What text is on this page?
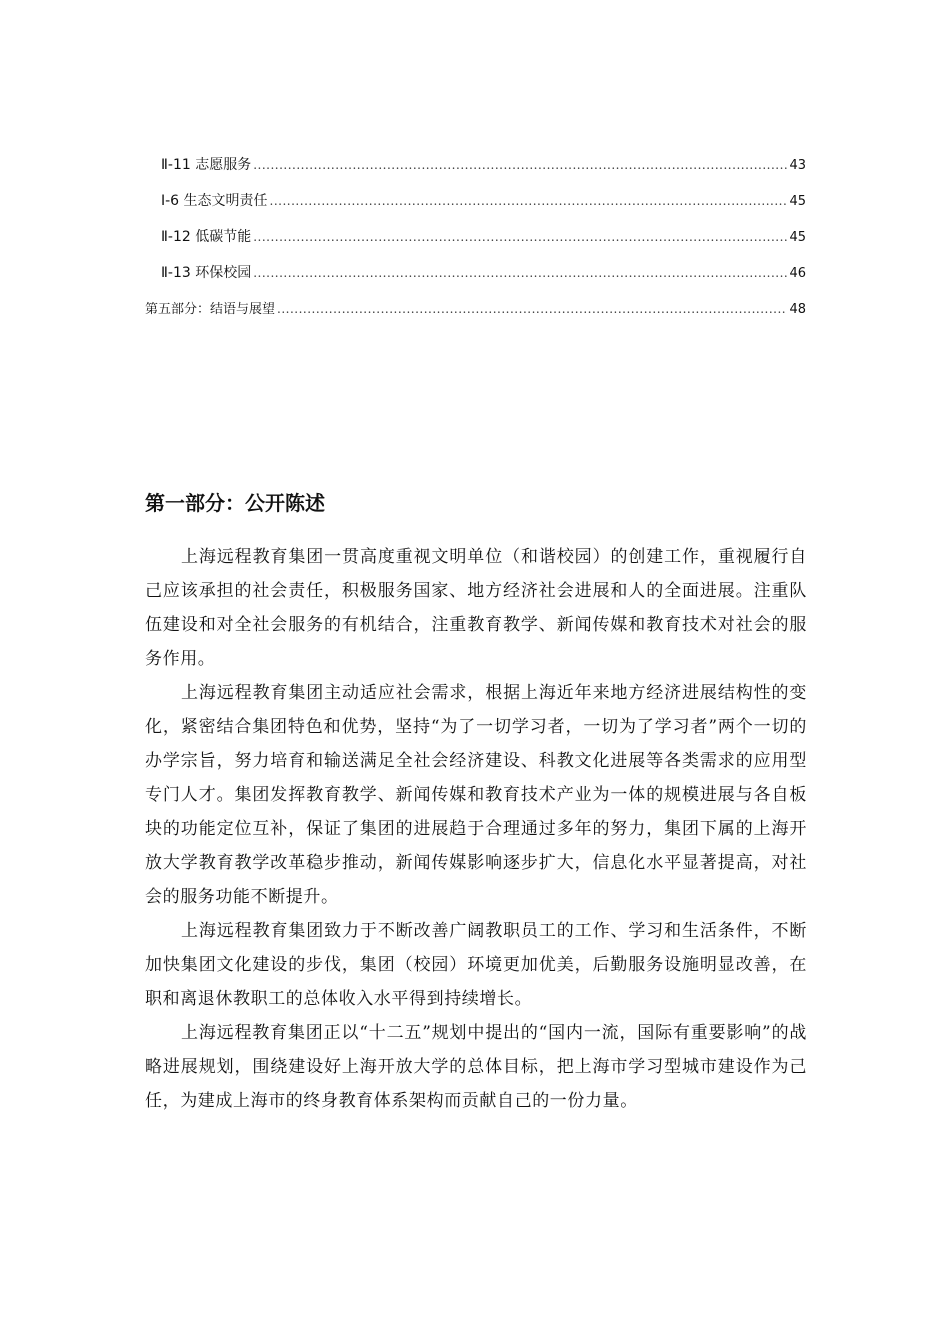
Ⅱ-11 志愿服务 .....	43
Ⅰ-6 生态文明责任 .....	45
Ⅱ-12 低碳节能 .....	45
Ⅱ-13 环保校园 .....	46
第五部分：结语与展望 .....	48
第一部分：公开陈述

上海远程教育集团一贯高度重视文明单位（和谐校园）的创建工作，重视履行自己应该承担的社会责任，积极服务国家、地方经济社会进展和人的全面进展。注重队伍建设和对全社会服务的有机结合，注重教育教学、新闻传媒和教育技术对社会的服务作用。

上海远程教育集团主动适应社会需求，根据上海近年来地方经济进展结构性的变化，紧密结合集团特色和优势，坚持“为了一切学习者，一切为了学习者”两个一切的办学宗旨，努力培育和输送满足全社会经济建设、科教文化进展等各类需求的应用型专门人才。集团发挥教育教学、新闻传媒和教育技术产业为一体的规模进展与各自板块的功能定位互补，保证了集团的进展趋于合理通过多年的努力，集团下属的上海开放大学教育教学改革稳步推动，新闻传媒影响逐步扩大，信息化水平显著提高，对社会的服务功能不断提升。

上海远程教育集团致力于不断改善广阔教职员工的工作、学习和生活条件，不断加快集团文化建设的步伐，集团（校园）环境更加优美，后勤服务设施明显改善，在职和离退休教职工的总体收入水平得到持续增长。

上海远程教育集团正以“十二五”规划中提出的“国内一流，国际有重要影响”的战略进展规划，围绕建设好上海开放大学的总体目标，把上海市学习型城市建设作为己任，为建成上海市的终身教育体系架构而贡献自己的一份力量。
